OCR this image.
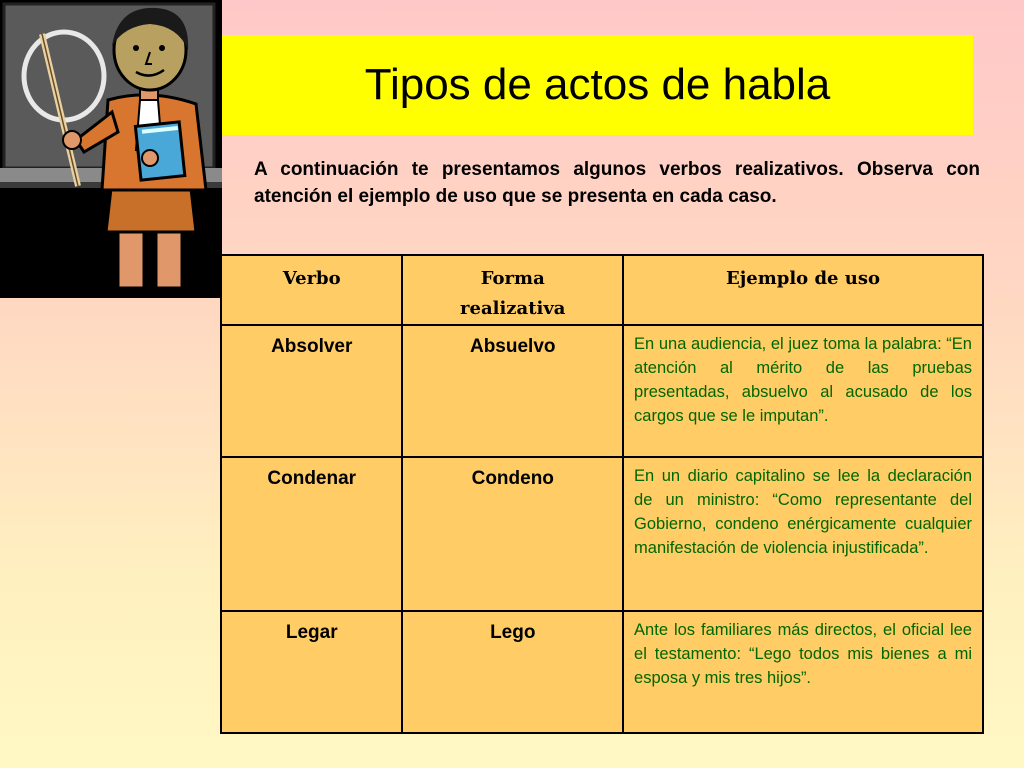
Tipos de actos de habla

A continuación te presentamos algunos verbos realizativos. Observa con atención el ejemplo de uso que se presenta en cada caso.

Verbo	Forma realizativa	Ejemplo de uso
Absolver	Absuelvo	En una audiencia, el juez toma la palabra: “En atención al mérito de las pruebas presentadas, absuelvo al acusado de los cargos que se le imputan”.
Condenar	Condeno	En un diario capitalino se lee la declaración de un ministro: “Como representante del Gobierno, condeno enérgicamente cualquier manifestación de violencia injustificada”.
Legar	Lego	Ante los familiares más directos, el oficial lee el testamento: “Lego todos mis bienes a mi esposa y mis tres hijos”.
